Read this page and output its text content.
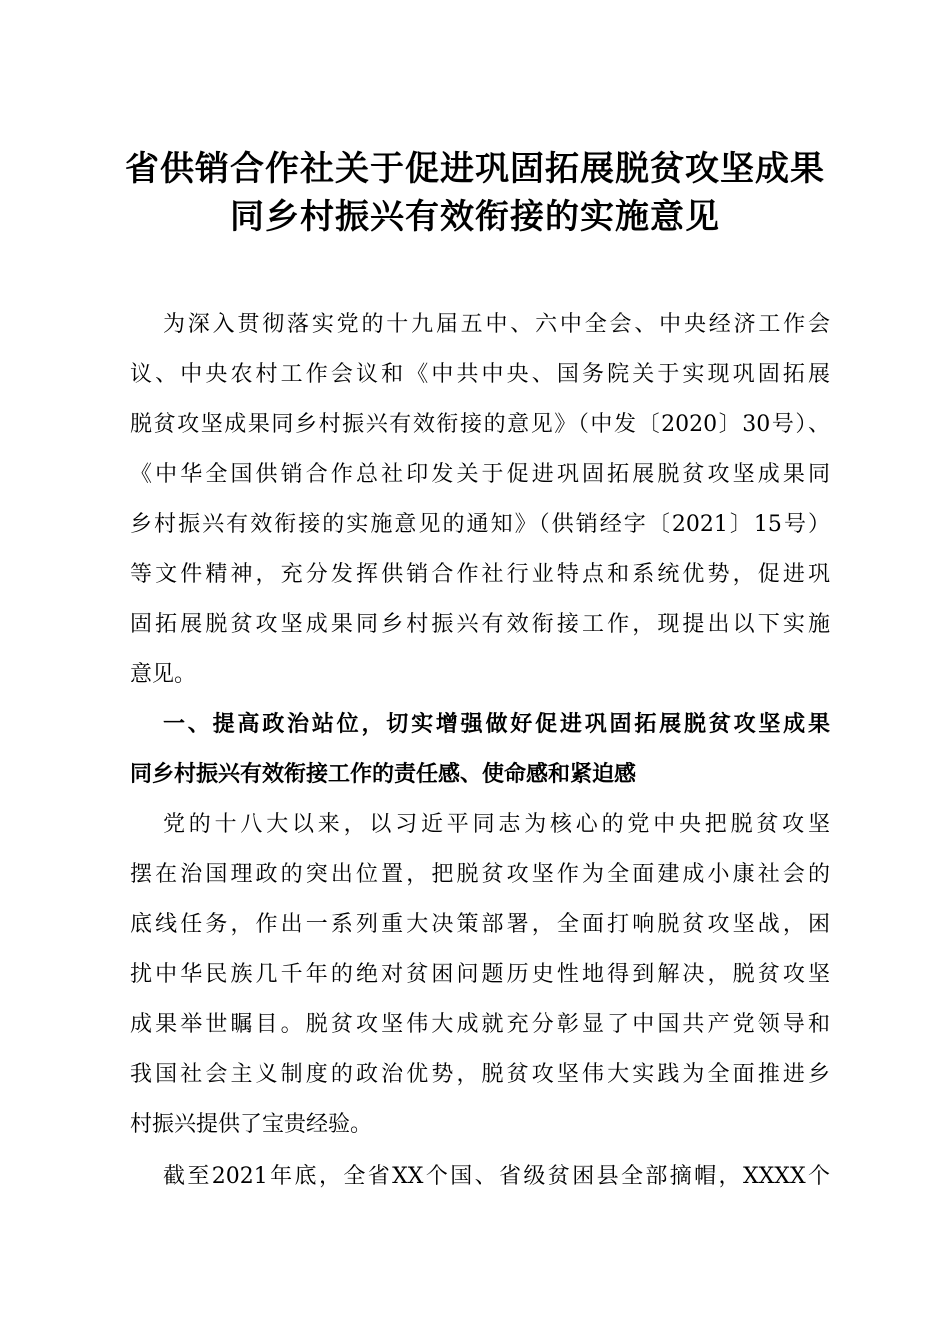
省供销合作社关于促进巩固拓展脱贫攻坚成果
同乡村振兴有效衔接的实施意见
为深入贯彻落实党的十九届五中、六中全会、中央经济工作会
议、中央农村工作会议和《中共中央、国务院关于实现巩固拓展
脱贫攻坚成果同乡村振兴有效衔接的意见》（中发〔2020〕30号）、
《中华全国供销合作总社印发关于促进巩固拓展脱贫攻坚成果同
乡村振兴有效衔接的实施意见的通知》（供销经字〔2021〕15号）
等文件精神，充分发挥供销合作社行业特点和系统优势，促进巩
固拓展脱贫攻坚成果同乡村振兴有效衔接工作，现提出以下实施
意见。
一、提高政治站位，切实增强做好促进巩固拓展脱贫攻坚成果
同乡村振兴有效衔接工作的责任感、使命感和紧迫感
党的十八大以来，以习近平同志为核心的党中央把脱贫攻坚
摆在治国理政的突出位置，把脱贫攻坚作为全面建成小康社会的
底线任务，作出一系列重大决策部署，全面打响脱贫攻坚战，困
扰中华民族几千年的绝对贫困问题历史性地得到解决，脱贫攻坚
成果举世瞩目。脱贫攻坚伟大成就充分彰显了中国共产党领导和
我国社会主义制度的政治优势，脱贫攻坚伟大实践为全面推进乡
村振兴提供了宝贵经验。
截至2021年底，全省XX个国、省级贫困县全部摘帽，XXXX个
